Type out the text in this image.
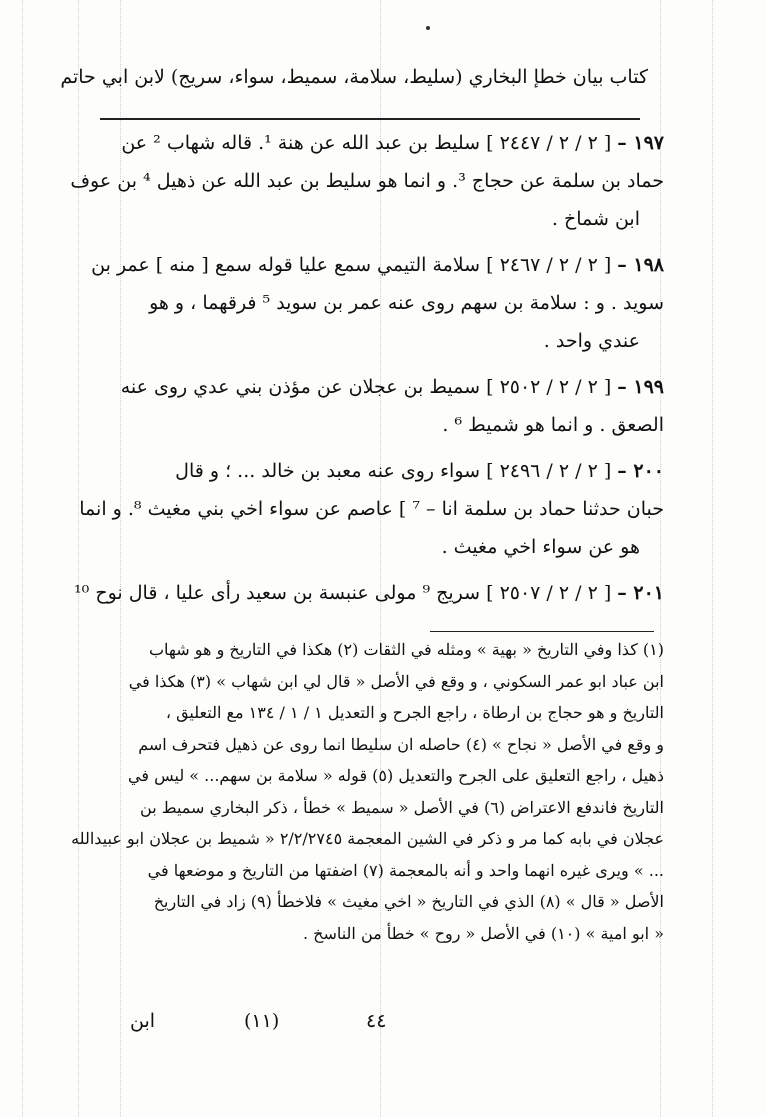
كتاب بيان خطإ البخاري (سليط، سلامة، سميط، سواء، سريج) لابن ابي حاتم
١٩٧ –[ ٢ / ٢ / ٢٤٤٧ ] سليط بن عبد الله عن هنة ¹. قاله شهاب ² عن
حماد بن سلمة عن حجاج ³. و انما هو سليط بن عبد الله عن ذهيل ⁴ بن عوف
ابن شماخ .
١٩٨ –[ ٢ / ٢ / ٢٤٦٧ ] سلامة التيمي سمع عليا قوله سمع [ منه ] عمر بن
سويد . و : سلامة بن سهم روى عنه عمر بن سويد ⁵ فرقهما ، و هو
عندي واحد .
١٩٩ –[ ٢ / ٢ / ٢٥٠٢ ] سميط بن عجلان عن مؤذن بني عدي روى عنه
الصعق . و انما هو شميط ⁶ .
٢٠٠ –[ ٢ / ٢ / ٢٤٩٦ ] سواء روى عنه معبد بن خالد ... ؛ و قال
حبان حدثنا حماد بن سلمة انا – ⁷ ] عاصم عن سواء اخي بني مغيث ⁸. و انما
هو عن سواء اخي مغيث .
٢٠١ –[ ٢ / ٢ / ٢٥٠٧ ] سريج ⁹ مولى عنبسة بن سعيد رأى عليا ، قال نوح ¹⁰
(١) كذا وفي التاريخ « بهية » ومثله في الثقات (٢) هكذا في التاريخ و هو شهاب
ابن عباد ابو عمر السكوني ، و وقع في الأصل « قال لي ابن شهاب » (٣) هكذا في
التاريخ و هو حجاج بن ارطاة ، راجع الجرح و التعديل ١ / ١ / ١٣٤ مع التعليق ،
و وقع في الأصل « نجاح » (٤) حاصله ان سليطا انما روى عن ذهيل فتحرف اسم
ذهيل ، راجع التعليق على الجرح والتعديل (٥) قوله « سلامة بن سهم... » ليس في
التاريخ فاندفع الاعتراض (٦) في الأصل « سميط » خطأ ، ذكر البخاري سميط بن
عجلان في بابه كما مر و ذكر في الشين المعجمة ٢/٢/٢٧٤٥ « شميط بن عجلان ابو عبيدالله
... » ويرى غيره انهما واحد و أنه بالمعجمة (٧) اضفتها من التاريخ و موضعها في
الأصل « قال » (٨) الذي في التاريخ « اخي مغيث » فلاخطأ (٩) زاد في التاريخ
« ابو امية » (١٠) في الأصل « روح » خطأ من الناسخ .
ابن	(١١)	٤٤
